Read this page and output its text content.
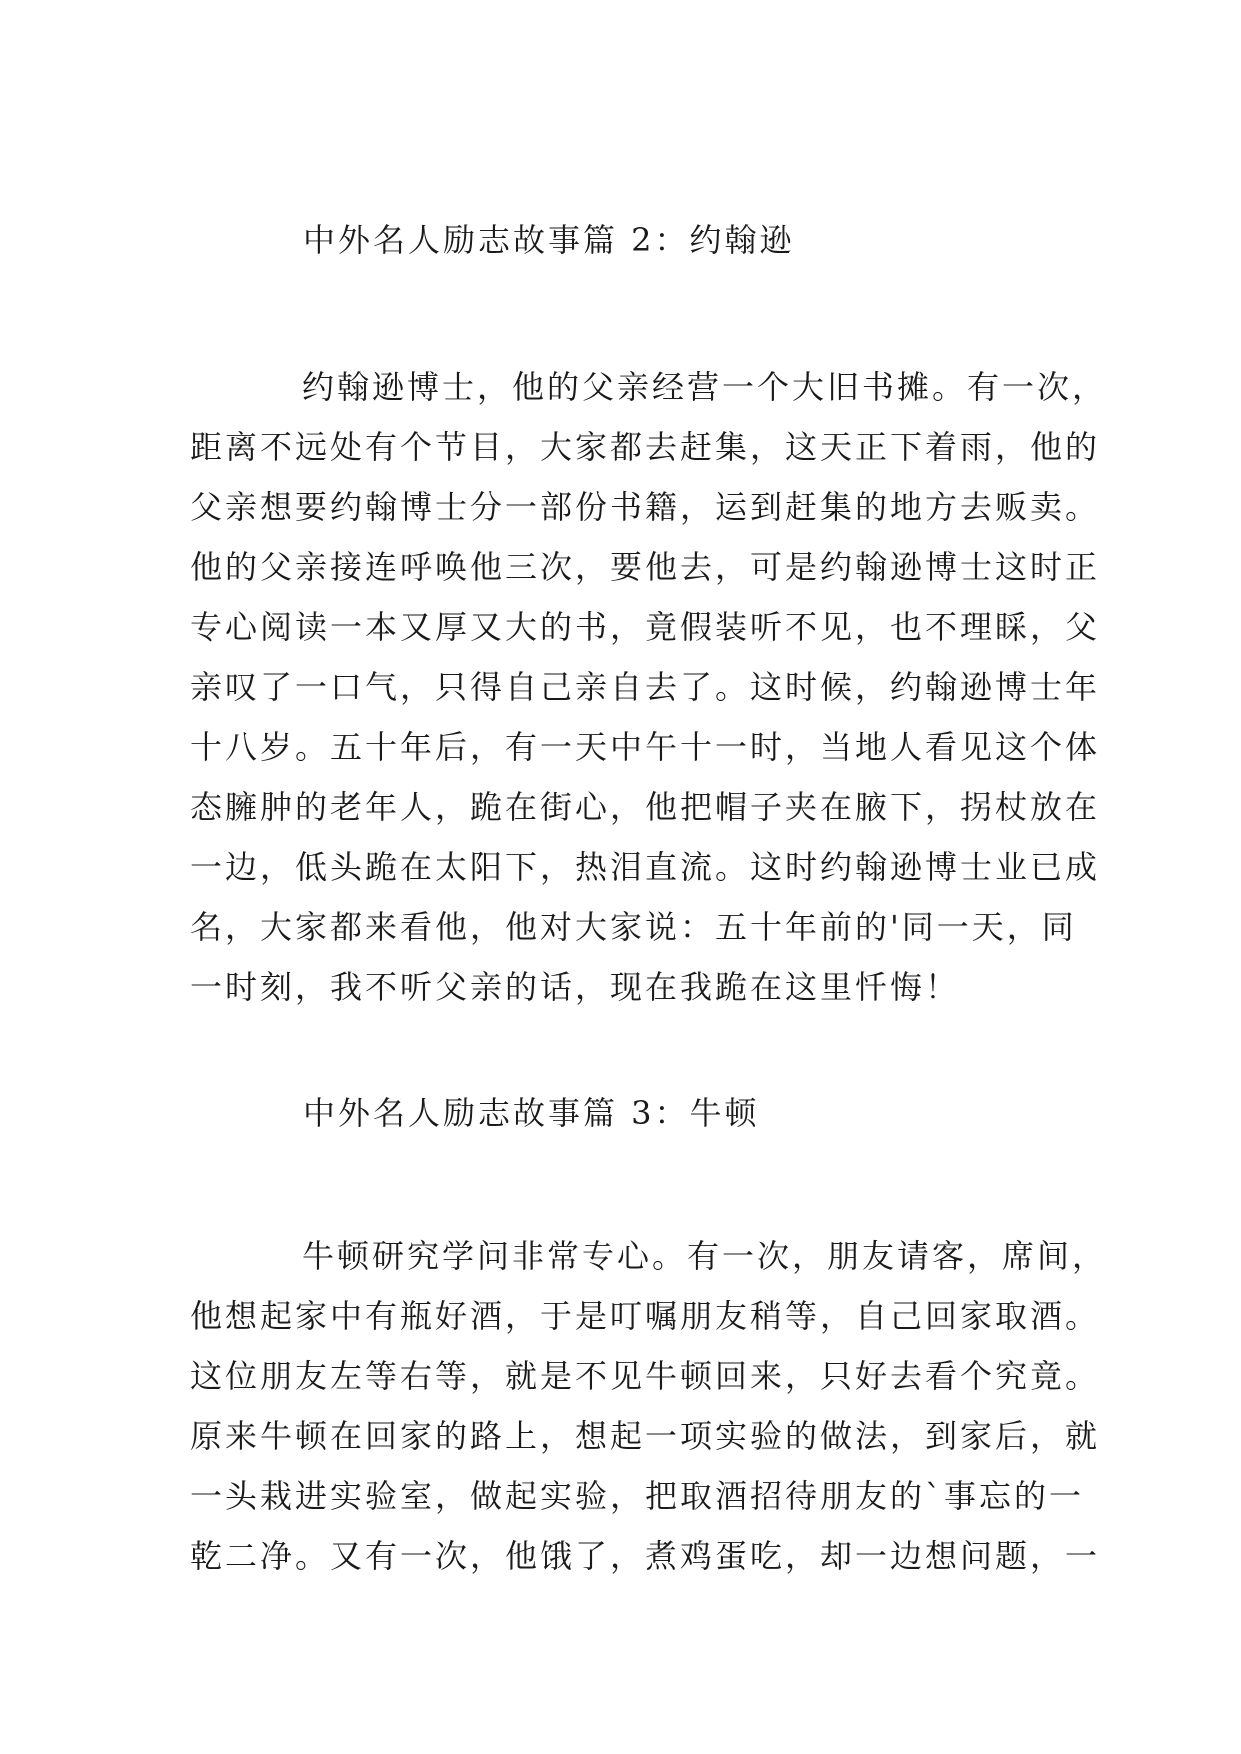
中外名人励志故事篇 2：约翰逊
约翰逊博士，他的父亲经营一个大旧书摊。有一次，
距离不远处有个节目，大家都去赶集，这天正下着雨，他的
父亲想要约翰博士分一部份书籍，运到赶集的地方去贩卖。
他的父亲接连呼唤他三次，要他去，可是约翰逊博士这时正
专心阅读一本又厚又大的书，竟假装听不见，也不理睬，父
亲叹了一口气，只得自己亲自去了。这时候，约翰逊博士年
十八岁。五十年后，有一天中午十一时，当地人看见这个体
态臃肿的老年人，跪在街心，他把帽子夹在腋下，拐杖放在
一边，低头跪在太阳下，热泪直流。这时约翰逊博士业已成
名，大家都来看他，他对大家说：五十年前的'同一天，同
一时刻，我不听父亲的话，现在我跪在这里忏悔！
中外名人励志故事篇 3：牛顿
牛顿研究学问非常专心。有一次，朋友请客，席间，
他想起家中有瓶好酒，于是叮嘱朋友稍等，自己回家取酒。
这位朋友左等右等，就是不见牛顿回来，只好去看个究竟。
原来牛顿在回家的路上，想起一项实验的做法，到家后，就
一头栽进实验室，做起实验，把取酒招待朋友的`事忘的一
乾二净。又有一次，他饿了，煮鸡蛋吃，却一边想问题，一
